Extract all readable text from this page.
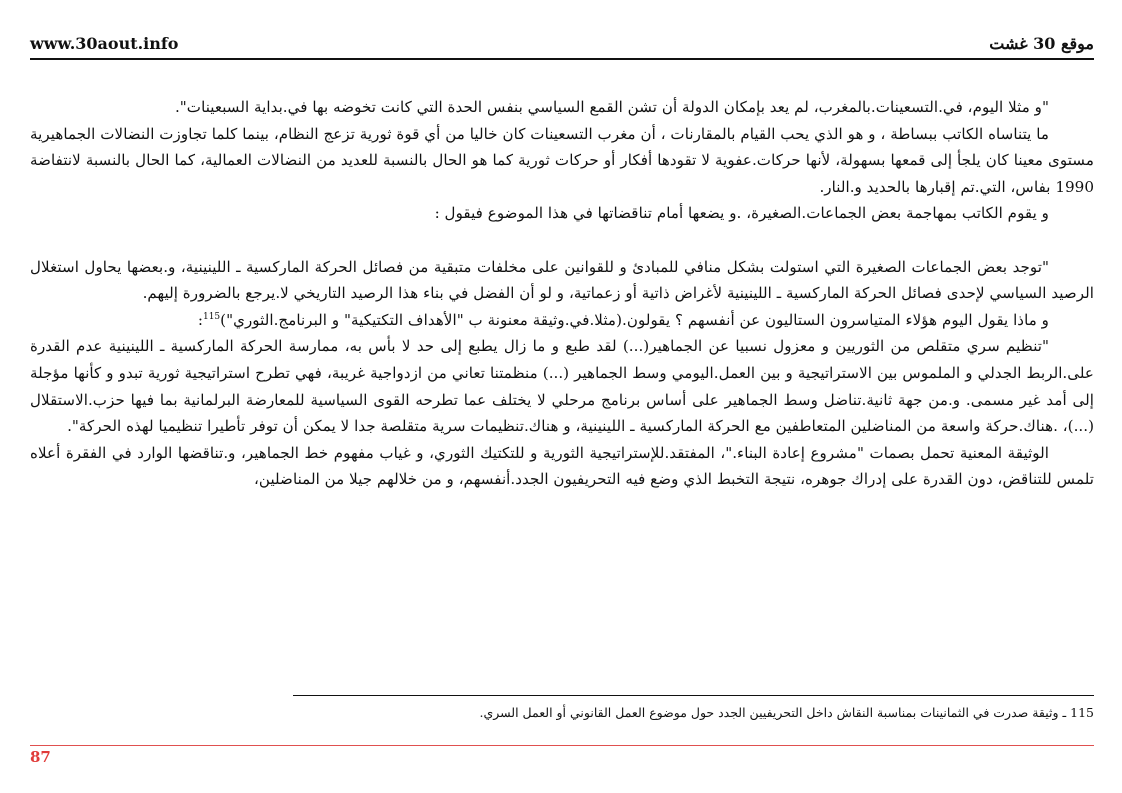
موقع 30 غشت
www.30aout.info

"و مثلا اليوم، في.التسعينات.بالمغرب، لم يعد بإمكان الدولة أن تشن القمع السياسي بنفس الحدة التي كانت تخوضه بها في.بداية السبعينات".

ما يتناساه الكاتب ببساطة ، و هو الذي يحب القيام بالمقارنات ، أن مغرب التسعينات كان خاليا من أي قوة ثورية تزعج النظام، بينما كلما تجاوزت النضالات الجماهيرية مستوى معينا كان يلجأ إلى قمعها بسهولة، لأنها حركات.عفوية لا تقودها أفكار أو حركات ثورية كما هو الحال بالنسبة للعديد من النضالات العمالية، كما الحال بالنسبة لانتفاضة 1990 بفاس، التي.تم إقبارها بالحديد و.النار.

و يقوم الكاتب بمهاجمة بعض الجماعات.الصغيرة، .و يضعها أمام تناقضاتها في هذا الموضوع فيقول :

"توجد بعض الجماعات الصغيرة التي استولت بشكل منافي للمبادئ و للقوانين على مخلفات متبقية من فصائل الحركة الماركسية ـ اللينينية، و.بعضها يحاول استغلال الرصيد السياسي لإحدى فصائل الحركة الماركسية ـ اللينينية لأغراض ذاتية أو زعماتية، و لو أن الفضل في بناء هذا الرصيد التاريخي لا.يرجع بالضرورة إليهم.

و ماذا يقول اليوم هؤلاء المتياسرون الستاليون عن أنفسهم ؟ يقولون.(مثلا.في.وثيقة معنونة ب "الأهداف التكتيكية" و البرنامج.الثوري")$^{115}$:

"تنظيم سري متقلص من الثوريين و معزول نسبيا عن الجماهير(...) لقد طبع و ما زال يطبع إلى حد لا بأس به، ممارسة الحركة الماركسية ـ اللينينية عدم القدرة على.الربط الجدلي و الملموس بين الاستراتيجية و بين العمل.اليومي وسط الجماهير (...) منظمتنا تعاني من ازدواجية غريبة، فهي تطرح استراتيجية ثورية تبدو و كأنها مؤجلة إلى أمد غير مسمى. و.من جهة ثانية.تناضل وسط الجماهير على أساس برنامج مرحلي لا يختلف عما تطرحه القوى السياسية للمعارضة البرلمانية بما فيها حزب.الاستقلال (...)، .هناك.حركة واسعة من المناضلين المتعاطفين مع الحركة الماركسية ـ اللينينية، و هناك.تنظيمات سرية متقلصة جدا لا يمكن أن توفر تأطيرا تنظيميا لهذه الحركة".

الوثيقة المعنية تحمل بصمات "مشروع إعادة البناء."، المفتقد.للإستراتيجية الثورية و للتكتيك الثوري، و غياب مفهوم خط الجماهير، و.تناقضها الوارد في الفقرة أعلاه تلمس للتناقض، دون القدرة على إدراك جوهره، نتيجة التخبط الذي وضع فيه التحريفيون الجدد.أنفسهم، و من خلالهم جيلا من المناضلين،

115 ـ وثيقة صدرت في الثمانينات بمناسبة النقاش داخل التحريفيين الجدد حول موضوع العمل القانوني أو العمل السري.
87
